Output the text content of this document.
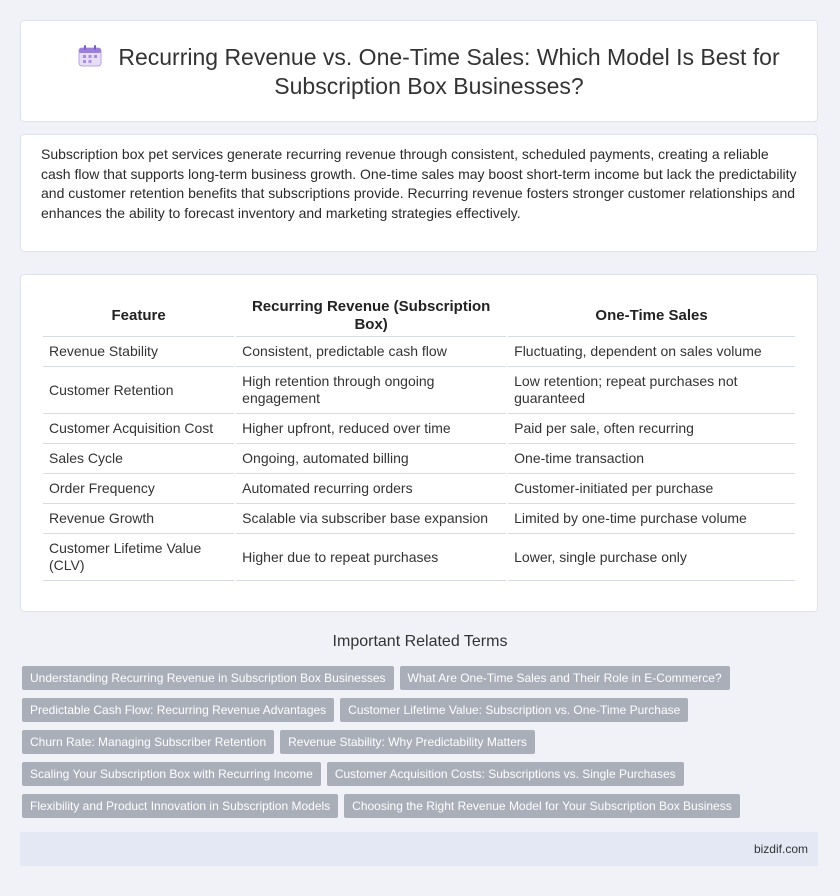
Recurring Revenue vs. One-Time Sales: Which Model Is Best for Subscription Box Businesses?

Subscription box pet services generate recurring revenue through consistent, scheduled payments, creating a reliable cash flow that supports long-term business growth. One-time sales may boost short-term income but lack the predictability and customer retention benefits that subscriptions provide. Recurring revenue fosters stronger customer relationships and enhances the ability to forecast inventory and marketing strategies effectively.

Feature	Recurring Revenue (Subscription Box)	One-Time Sales
Revenue Stability	Consistent, predictable cash flow	Fluctuating, dependent on sales volume
Customer Retention	High retention through ongoing engagement	Low retention; repeat purchases not guaranteed
Customer Acquisition Cost	Higher upfront, reduced over time	Paid per sale, often recurring
Sales Cycle	Ongoing, automated billing	One-time transaction
Order Frequency	Automated recurring orders	Customer-initiated per purchase
Revenue Growth	Scalable via subscriber base expansion	Limited by one-time purchase volume
Customer Lifetime Value (CLV)	Higher due to repeat purchases	Lower, single purchase only
Important Related Terms
Understanding Recurring Revenue in Subscription Box Businesses What Are One-Time Sales and Their Role in E-Commerce?
Predictable Cash Flow: Recurring Revenue Advantages Customer Lifetime Value: Subscription vs. One-Time Purchase
Churn Rate: Managing Subscriber Retention Revenue Stability: Why Predictability Matters
Scaling Your Subscription Box with Recurring Income Customer Acquisition Costs: Subscriptions vs. Single Purchases
Flexibility and Product Innovation in Subscription Models Choosing the Right Revenue Model for Your Subscription Box Business
bizdif.com
